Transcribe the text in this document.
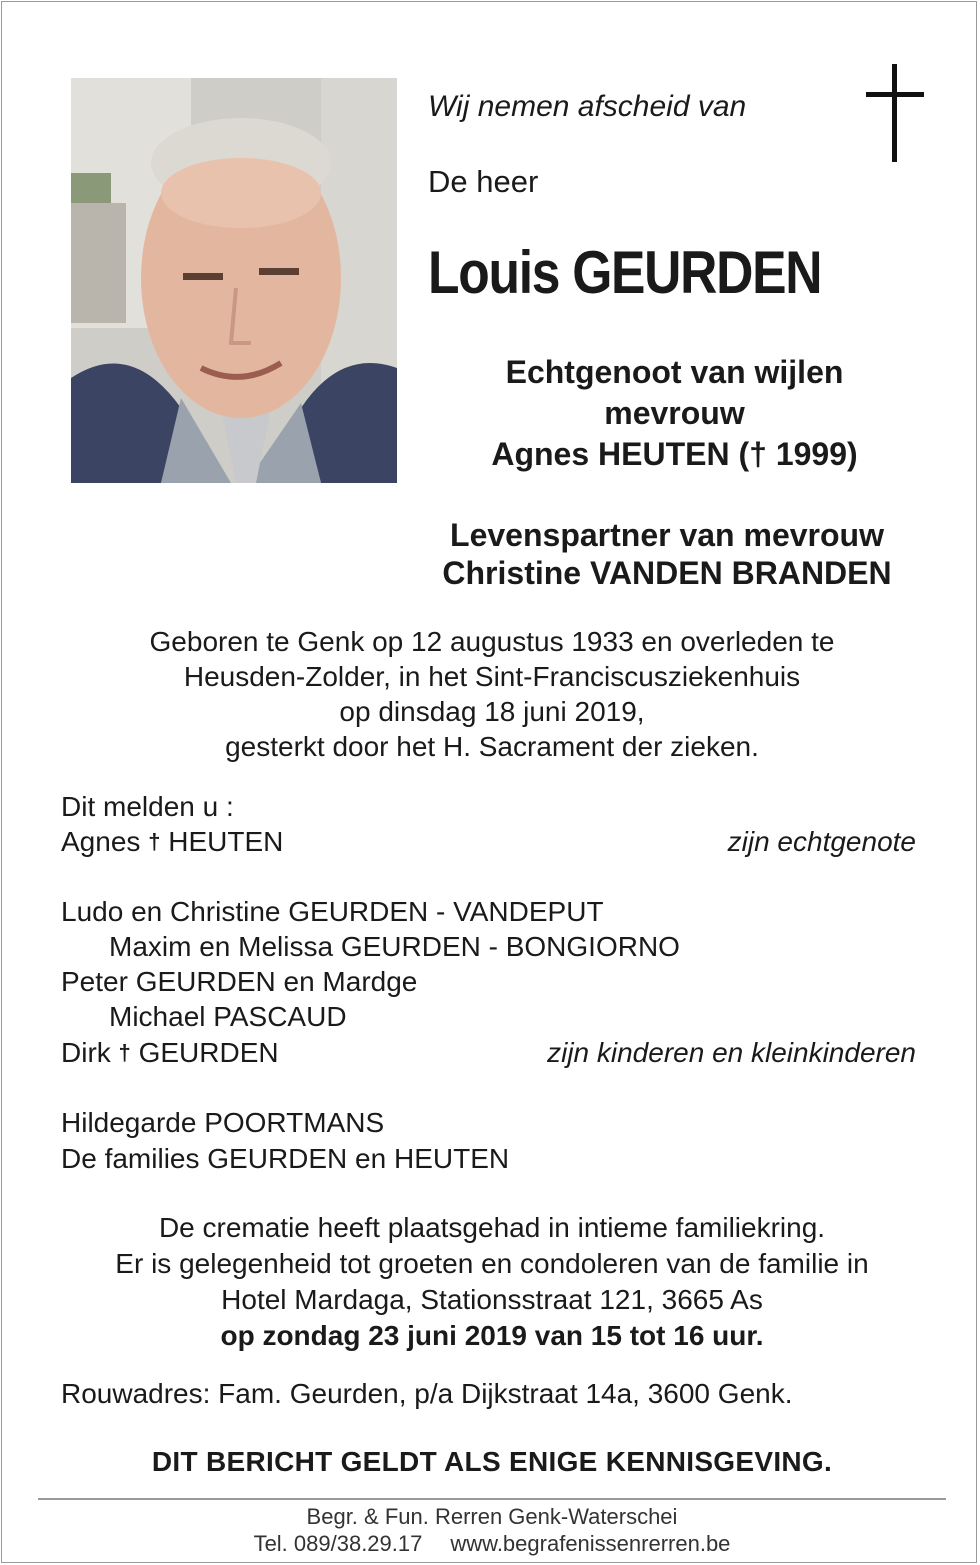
Wij nemen afscheid van
De heer
Louis GEURDEN
Echtgenoot van wijlen
mevrouw
Agnes HEUTEN († 1999)
Levenspartner van mevrouw
Christine VANDEN BRANDEN
Geboren te Genk op 12 augustus 1933 en overleden te
Heusden-Zolder, in het Sint-Franciscusziekenhuis
op dinsdag 18 juni 2019,
gesterkt door het H. Sacrament der zieken.
Dit melden u :
Agnes † HEUTEN	zijn echtgenote
Ludo en Christine GEURDEN - VANDEPUT
Maxim en Melissa GEURDEN - BONGIORNO
Peter GEURDEN en Mardge
Michael PASCAUD
Dirk † GEURDEN	zijn kinderen en kleinkinderen
Hildegarde POORTMANS
De families GEURDEN en HEUTEN
De crematie heeft plaatsgehad in intieme familiekring.
Er is gelegenheid tot groeten en condoleren van de familie in
Hotel Mardaga, Stationsstraat 121, 3665 As
op zondag 23 juni 2019 van 15 tot 16 uur.
Rouwadres: Fam. Geurden, p/a Dijkstraat 14a, 3600 Genk.
DIT BERICHT GELDT ALS ENIGE KENNISGEVING.
Begr. & Fun. Rerren Genk-Waterschei
Tel. 089/38.29.17 www.begrafenissenrerren.be
